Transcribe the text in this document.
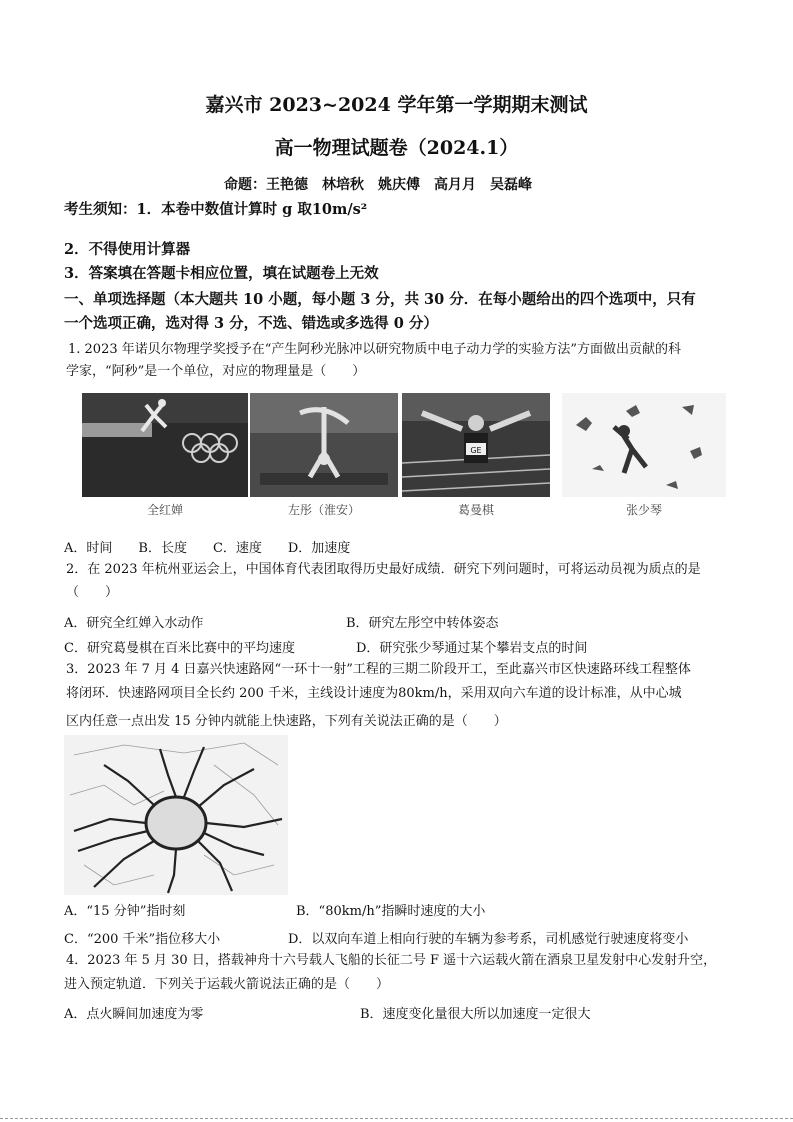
嘉兴市 2023~2024 学年第一学期期末测试
高一物理试题卷（2024.1）
命题：王艳德　林培秋　姚庆傅　高月月　吴磊峰
考生须知：1．本卷中数值计算时 g 取10m/s²
2．不得使用计算器
3．答案填在答题卡相应位置，填在试题卷上无效
一、单项选择题（本大题共 10 小题，每小题 3 分，共 30 分．在每小题给出的四个选项中，只有
一个选项正确，选对得 3 分，不选、错选或多选得 0 分）
1. 2023 年诺贝尔物理学奖授予在“产生阿秒光脉冲以研究物质中电子动力学的实验方法”方面做出贡献的科
学家，“阿秒”是一个单位，对应的物理量是（　　）
全红婵	左彤（淮安）
GE
葛曼棋	张少琴
A．时间　　B．长度　　C．速度　　D．加速度
2．在 2023 年杭州亚运会上，中国体育代表团取得历史最好成绩．研究下列问题时，可将运动员视为质点的是
（　　）
A．研究全红婵入水动作	B．研究左彤空中转体姿态
C．研究葛曼棋在百米比赛中的平均速度	D．研究张少琴通过某个攀岩支点的时间
3．2023 年 7 月 4 日嘉兴快速路网“一环十一射”工程的三期二阶段开工，至此嘉兴市区快速路环线工程整体
将闭环．快速路网项目全长约 200 千米，主线设计速度为80km/h，采用双向六车道的设计标准，从中心城
区内任意一点出发 15 分钟内就能上快速路，下列有关说法正确的是（　　）
A．“15 分钟”指时刻	B．“80km/h”指瞬时速度的大小
C．“200 千米”指位移大小	D．以双向车道上相向行驶的车辆为参考系，司机感觉行驶速度将变小
4．2023 年 5 月 30 日，搭载神舟十六号载人飞船的长征二号 F 遥十六运载火箭在酒泉卫星发射中心发射升空，
进入预定轨道．下列关于运载火箭说法正确的是（　　）
A．点火瞬间加速度为零	B．速度变化量很大所以加速度一定很大
